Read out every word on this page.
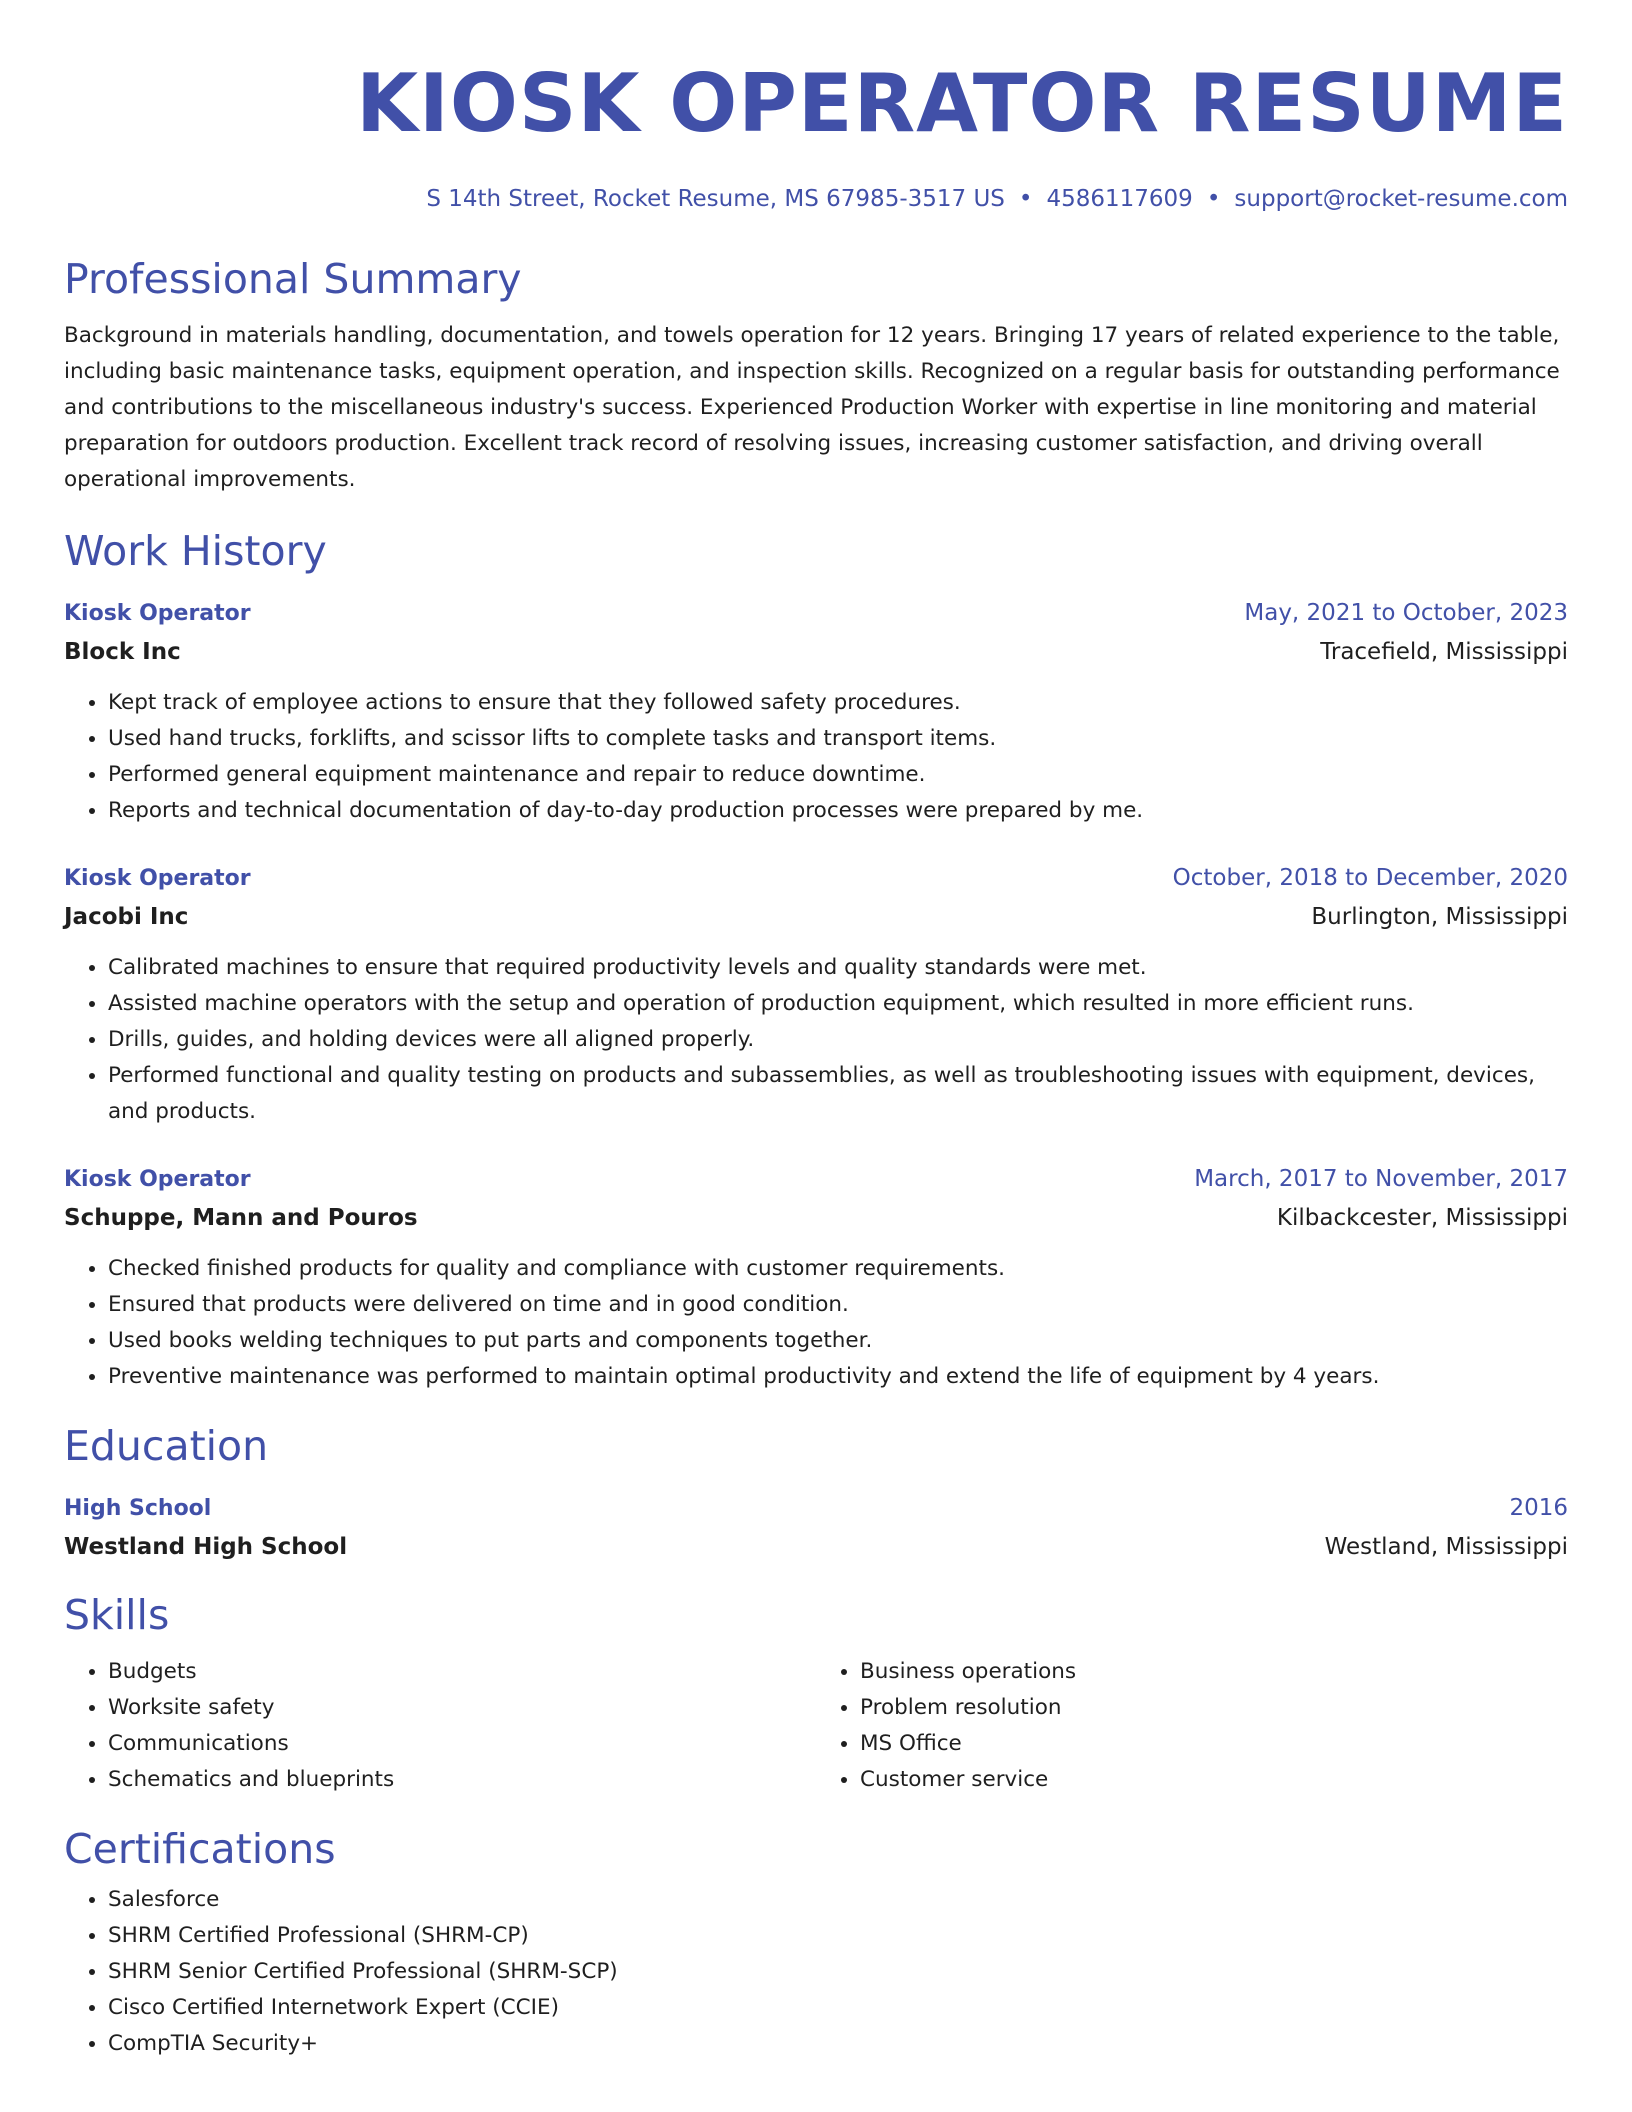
KIOSK OPERATOR RESUME
S 14th Street, Rocket Resume, MS 67985-3517 US • 4586117609 • support@rocket-resume.com
Professional Summary

Background in materials handling, documentation, and towels operation for 12 years. Bringing 17 years of related experience to the table, including basic maintenance tasks, equipment operation, and inspection skills. Recognized on a regular basis for outstanding performance and contributions to the miscellaneous industry's success. Experienced Production Worker with expertise in line monitoring and material preparation for outdoors production. Excellent track record of resolving issues, increasing customer satisfaction, and driving overall operational improvements.

Work History
Kiosk Operator	May, 2021 to October, 2023
Block Inc	Tracefield, Mississippi
• Kept track of employee actions to ensure that they followed safety procedures.
• Used hand trucks, forklifts, and scissor lifts to complete tasks and transport items.
• Performed general equipment maintenance and repair to reduce downtime.
• Reports and technical documentation of day-to-day production processes were prepared by me.
Kiosk Operator	October, 2018 to December, 2020
Jacobi Inc	Burlington, Mississippi
• Calibrated machines to ensure that required productivity levels and quality standards were met.
• Assisted machine operators with the setup and operation of production equipment, which resulted in more efficient runs.
• Drills, guides, and holding devices were all aligned properly.
• Performed functional and quality testing on products and subassemblies, as well as troubleshooting issues with equipment, devices, and products.
Kiosk Operator	March, 2017 to November, 2017
Schuppe, Mann and Pouros	Kilbackcester, Mississippi
• Checked finished products for quality and compliance with customer requirements.
• Ensured that products were delivered on time and in good condition.
• Used books welding techniques to put parts and components together.
• Preventive maintenance was performed to maintain optimal productivity and extend the life of equipment by 4 years.
Education
High School	2016
Westland High School	Westland, Mississippi
Skills
• Budgets
• Worksite safety
• Communications
• Schematics and blueprints
• Business operations
• Problem resolution
• MS Office
• Customer service
Certifications
• Salesforce
• SHRM Certified Professional (SHRM-CP)
• SHRM Senior Certified Professional (SHRM-SCP)
• Cisco Certified Internetwork Expert (CCIE)
• CompTIA Security+
